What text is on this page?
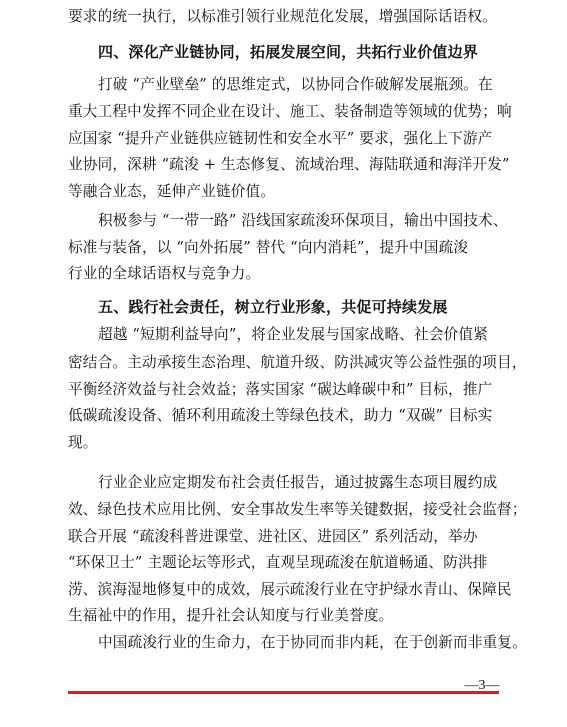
要求的统一执行，以标准引领行业规范化发展，增强国际话语权。
四、深化产业链协同，拓展发展空间，共拓行业价值边界
打破 “产业壁垒” 的思维定式，以协同合作破解发展瓶颈。在
重大工程中发挥不同企业在设计、施工、装备制造等领域的优势；响
应国家 “提升产业链供应链韧性和安全水平” 要求，强化上下游产
业协同，深耕 “疏浚 + 生态修复、流域治理、海陆联通和海洋开发”
等融合业态，延伸产业链价值。
积极参与 “一带一路” 沿线国家疏浚环保项目，输出中国技术、
标准与装备，以 “向外拓展” 替代 “向内消耗”，提升中国疏浚
行业的全球话语权与竞争力。
五、践行社会责任，树立行业形象，共促可持续发展
超越 “短期利益导向”，将企业发展与国家战略、社会价值紧
密结合。主动承接生态治理、航道升级、防洪减灾等公益性强的项目，
平衡经济效益与社会效益；落实国家 “碳达峰碳中和” 目标，推广
低碳疏浚设备、循环利用疏浚土等绿色技术，助力 “双碳” 目标实
现。
行业企业应定期发布社会责任报告，通过披露生态项目履约成
效、绿色技术应用比例、安全事故发生率等关键数据，接受社会监督；
联合开展 “疏浚科普进课堂、进社区、进园区” 系列活动，举办
“环保卫士” 主题论坛等形式，直观呈现疏浚在航道畅通、防洪排
涝、滨海湿地修复中的成效，展示疏浚行业在守护绿水青山、保障民
生福祉中的作用，提升社会认知度与行业美誉度。
中国疏浚行业的生命力，在于协同而非内耗，在于创新而非重复。
—3—
